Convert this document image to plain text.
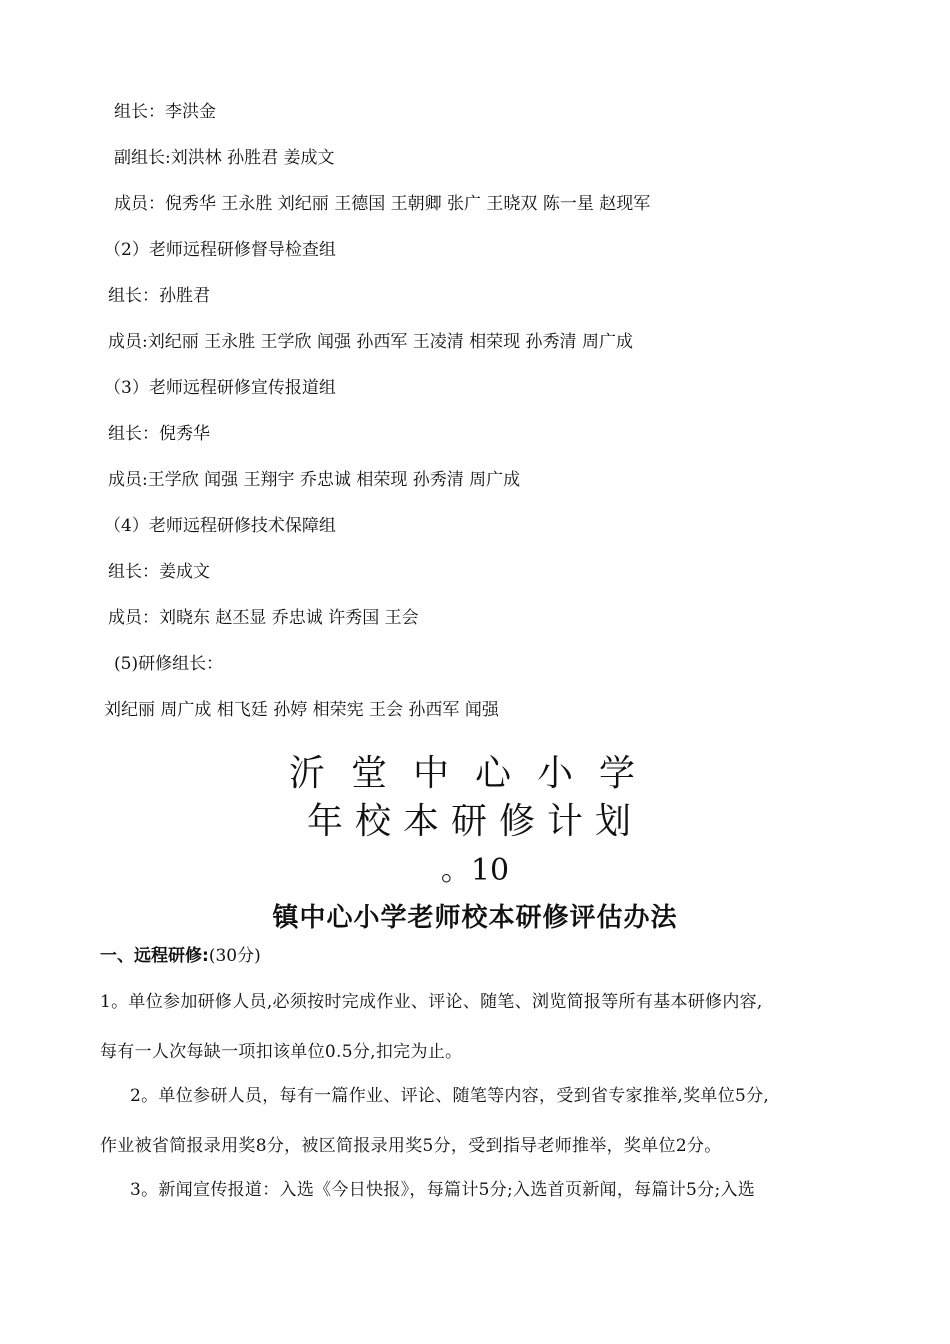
组长：李洪金
副组长:刘洪林 孙胜君 姜成文
成员：倪秀华 王永胜 刘纪丽 王德国 王朝卿 张广 王晓双 陈一星 赵现军
（2）老师远程研修督导检查组
组长：孙胜君
成员:刘纪丽 王永胜 王学欣 闻强 孙西军 王凌清 相荣现 孙秀清 周广成
（3）老师远程研修宣传报道组
组长：倪秀华
成员:王学欣 闻强 王翔宇 乔忠诚 相荣现 孙秀清 周广成
（4）老师远程研修技术保障组
组长：姜成文
成员：刘晓东 赵丕显 乔忠诚 许秀国 王会
(5)研修组长：
刘纪丽 周广成 相飞廷 孙婷 相荣宪 王会 孙西军 闻强
沂堂中心小学
年校本研修计划
。10
镇中心小学老师校本研修评估办法
一、远程研修:(30分)
1。单位参加研修人员,必须按时完成作业、评论、随笔、浏览简报等所有基本研修内容,
每有一人次每缺一项扣该单位0.5分,扣完为止。
2。单位参研人员，每有一篇作业、评论、随笔等内容，受到省专家推举,奖单位5分,
作业被省简报录用奖8分，被区简报录用奖5分，受到指导老师推举，奖单位2分。
3。新闻宣传报道：入选《今日快报》，每篇计5分;入选首页新闻，每篇计5分;入选
